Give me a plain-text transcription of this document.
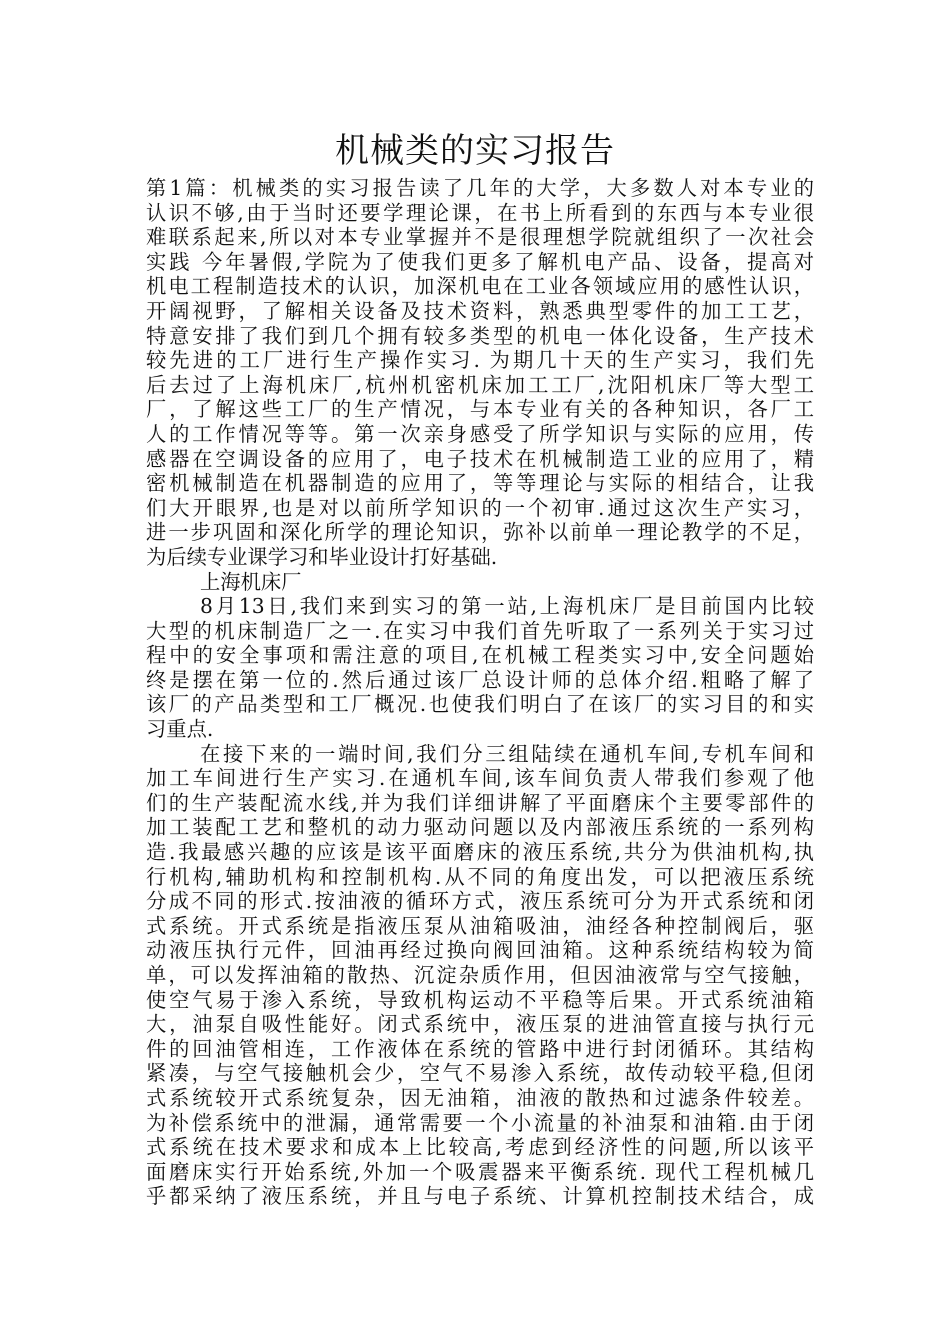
机械类的实习报告
第1篇：机械类的实习报告读了几年的大学，大多数人对本专业的
认识不够,由于当时还要学理论课，在书上所看到的东西与本专业很
难联系起来,所以对本专业掌握并不是很理想学院就组织了一次社会
实践 今年暑假,学院为了使我们更多了解机电产品、设备，提高对
机电工程制造技术的认识，加深机电在工业各领域应用的感性认识，
开阔视野，了解相关设备及技术资料，熟悉典型零件的加工工艺，
特意安排了我们到几个拥有较多类型的机电一体化设备，生产技术
较先进的工厂进行生产操作实习. 为期几十天的生产实习，我们先
后去过了上海机床厂,杭州机密机床加工工厂,沈阳机床厂等大型工
厂，了解这些工厂的生产情况，与本专业有关的各种知识，各厂工
人的工作情况等等。第一次亲身感受了所学知识与实际的应用，传
感器在空调设备的应用了，电子技术在机械制造工业的应用了，精
密机械制造在机器制造的应用了，等等理论与实际的相结合，让我
们大开眼界,也是对以前所学知识的一个初审.通过这次生产实习，
进一步巩固和深化所学的理论知识，弥补以前单一理论教学的不足，
为后续专业课学习和毕业设计打好基础.
上海机床厂
8月13日,我们来到实习的第一站,上海机床厂是目前国内比较
大型的机床制造厂之一.在实习中我们首先听取了一系列关于实习过
程中的安全事项和需注意的项目,在机械工程类实习中,安全问题始
终是摆在第一位的.然后通过该厂总设计师的总体介绍.粗略了解了
该厂的产品类型和工厂概况.也使我们明白了在该厂的实习目的和实
习重点.
在接下来的一端时间,我们分三组陆续在通机车间,专机车间和
加工车间进行生产实习.在通机车间,该车间负责人带我们参观了他
们的生产装配流水线,并为我们详细讲解了平面磨床个主要零部件的
加工装配工艺和整机的动力驱动问题以及内部液压系统的一系列构
造.我最感兴趣的应该是该平面磨床的液压系统,共分为供油机构,执
行机构,辅助机构和控制机构.从不同的角度出发，可以把液压系统
分成不同的形式.按油液的循环方式，液压系统可分为开式系统和闭
式系统。开式系统是指液压泵从油箱吸油，油经各种控制阀后，驱
动液压执行元件，回油再经过换向阀回油箱。这种系统结构较为简
单，可以发挥油箱的散热、沉淀杂质作用，但因油液常与空气接触，
使空气易于渗入系统，导致机构运动不平稳等后果。开式系统油箱
大，油泵自吸性能好。闭式系统中，液压泵的进油管直接与执行元
件的回油管相连，工作液体在系统的管路中进行封闭循环。其结构
紧凑，与空气接触机会少，空气不易渗入系统，故传动较平稳,但闭
式系统较开式系统复杂，因无油箱，油液的散热和过滤条件较差。
为补偿系统中的泄漏，通常需要一个小流量的补油泵和油箱.由于闭
式系统在技术要求和成本上比较高,考虑到经济性的问题,所以该平
面磨床实行开始系统,外加一个吸震器来平衡系统. 现代工程机械几
乎都采纳了液压系统，并且与电子系统、计算机控制技术结合，成
